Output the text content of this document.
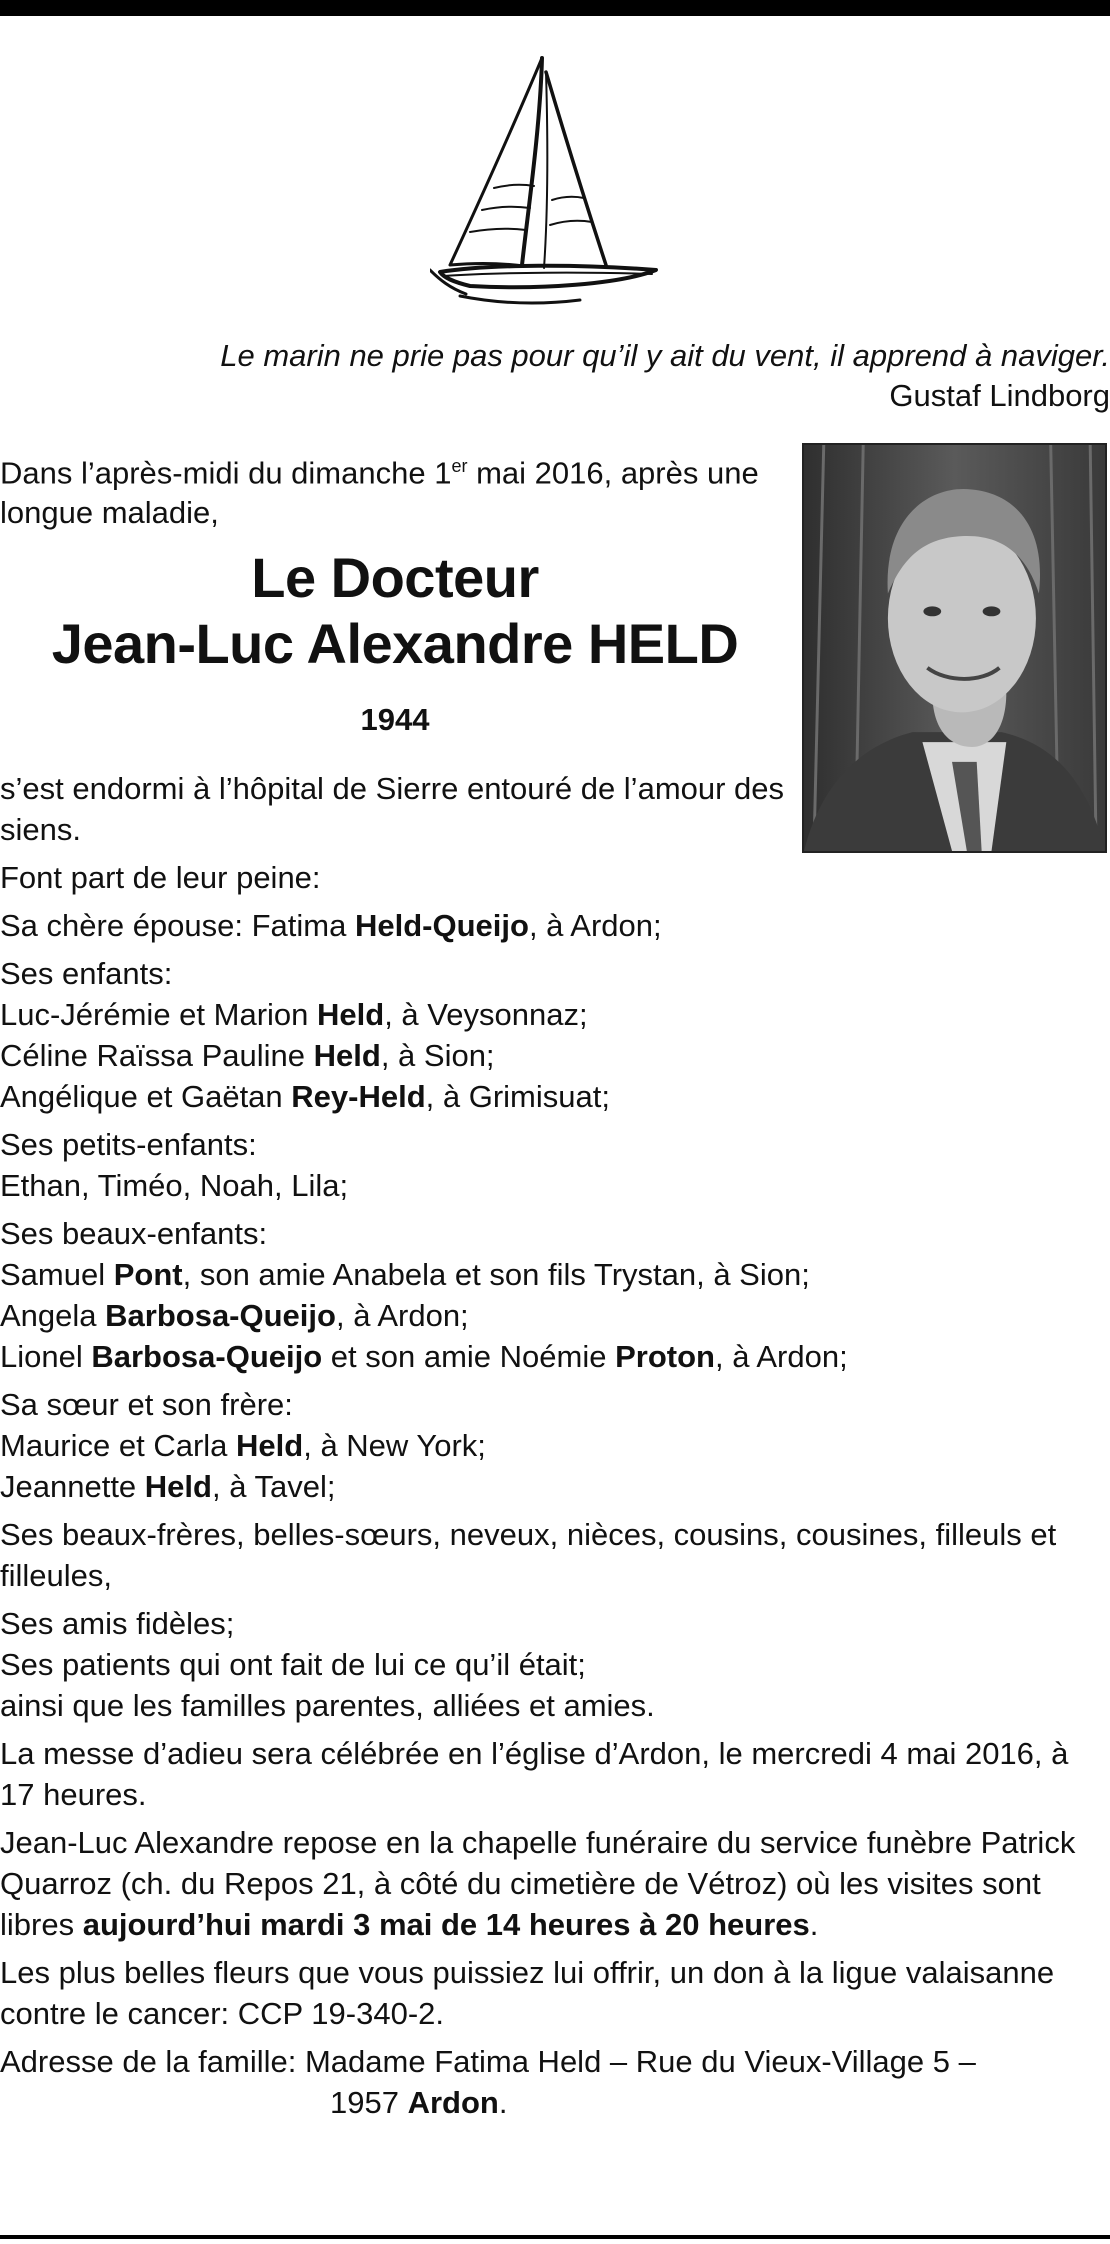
Le marin ne prie pas pour qu’il y ait du vent, il apprend à naviger.
Gustaf Lindborg
Dans l’après-midi du dimanche 1er mai 2016, après une longue maladie,
Le Docteur
Jean-Luc Alexandre HELD
1944

s’est endormi à l’hôpital de Sierre entouré de l’amour des siens.

Font part de leur peine:

Sa chère épouse: Fatima Held-Queijo, à Ardon;

Ses enfants:
Luc-Jérémie et Marion Held, à Veysonnaz;
Céline Raïssa Pauline Held, à Sion;
Angélique et Gaëtan Rey-Held, à Grimisuat;

Ses petits-enfants:
Ethan, Timéo, Noah, Lila;

Ses beaux-enfants:
Samuel Pont, son amie Anabela et son fils Trystan, à Sion;
Angela Barbosa-Queijo, à Ardon;
Lionel Barbosa-Queijo et son amie Noémie Proton, à Ardon;

Sa sœur et son frère:
Maurice et Carla Held, à New York;
Jeannette Held, à Tavel;

Ses beaux-frères, belles-sœurs, neveux, nièces, cousins, cousines, filleuls et filleules,

Ses amis fidèles;
Ses patients qui ont fait de lui ce qu’il était;
ainsi que les familles parentes, alliées et amies.

La messe d’adieu sera célébrée en l’église d’Ardon, le mercredi 4 mai 2016, à 17 heures.

Jean-Luc Alexandre repose en la chapelle funéraire du service funèbre Patrick Quarroz (ch. du Repos 21, à côté du cimetière de Vétroz) où les visites sont libres aujourd’hui mardi 3 mai de 14 heures à 20 heures.

Les plus belles fleurs que vous puissiez lui offrir, un don à la ligue valaisanne contre le cancer: CCP 19-340-2.

Adresse de la famille: Madame Fatima Held – Rue du Vieux-Village 5 –
1957 Ardon.
